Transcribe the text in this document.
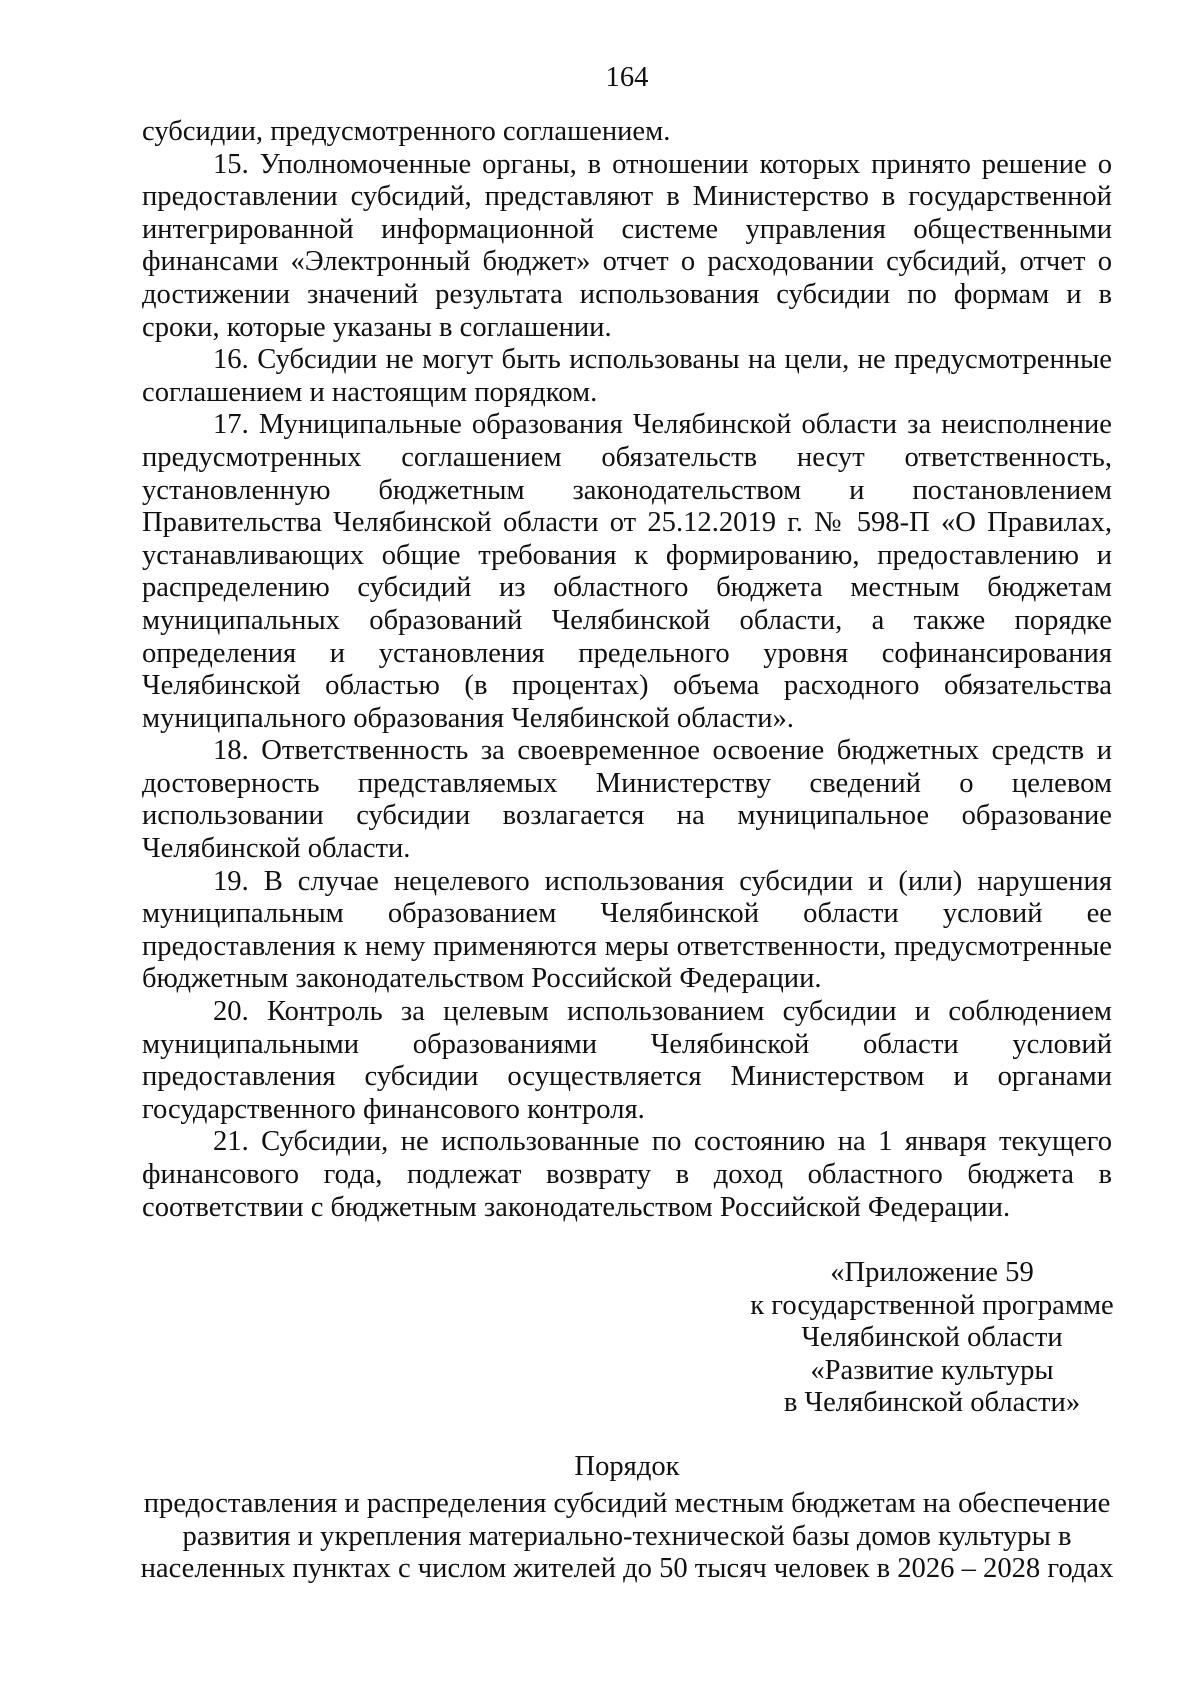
164

субсидии, предусмотренного соглашением.

15. Уполномоченные органы, в отношении которых принято решение о предоставлении субсидий, представляют в Министерство в государственной интегрированной информационной системе управления общественными финансами «Электронный бюджет» отчет о расходовании субсидий, отчет о достижении значений результата использования субсидии по формам и в сроки, которые указаны в соглашении.

16. Субсидии не могут быть использованы на цели, не предусмотренные соглашением и настоящим порядком.

17. Муниципальные образования Челябинской области за неисполнение предусмотренных соглашением обязательств несут ответственность, установленную бюджетным законодательством и постановлением Правительства Челябинской области от 25.12.2019 г. № 598-П «О Правилах, устанавливающих общие требования к формированию, предоставлению и распределению субсидий из областного бюджета местным бюджетам муниципальных образований Челябинской области, а также порядке определения и установления предельного уровня софинансирования Челябинской областью (в процентах) объема расходного обязательства муниципального образования Челябинской области».

18. Ответственность за своевременное освоение бюджетных средств и достоверность представляемых Министерству сведений о целевом использовании субсидии возлагается на муниципальное образование Челябинской области.

19. В случае нецелевого использования субсидии и (или) нарушения муниципальным образованием Челябинской области условий ее предоставления к нему применяются меры ответственности, предусмотренные бюджетным законодательством Российской Федерации.

20. Контроль за целевым использованием субсидии и соблюдением муниципальными образованиями Челябинской области условий предоставления субсидии осуществляется Министерством и органами государственного финансового контроля.

21. Субсидии, не использованные по состоянию на 1 января текущего финансового года, подлежат возврату в доход областного бюджета в соответствии с бюджетным законодательством Российской Федерации.

«Приложение 59
к государственной программе
Челябинской области
«Развитие культуры
в Челябинской области»
Порядок
предоставления и распределения субсидий местным бюджетам на обеспечение
развития и укрепления материально-технической базы домов культуры в
населенных пунктах с числом жителей до 50 тысяч человек в 2026 – 2028 годах
